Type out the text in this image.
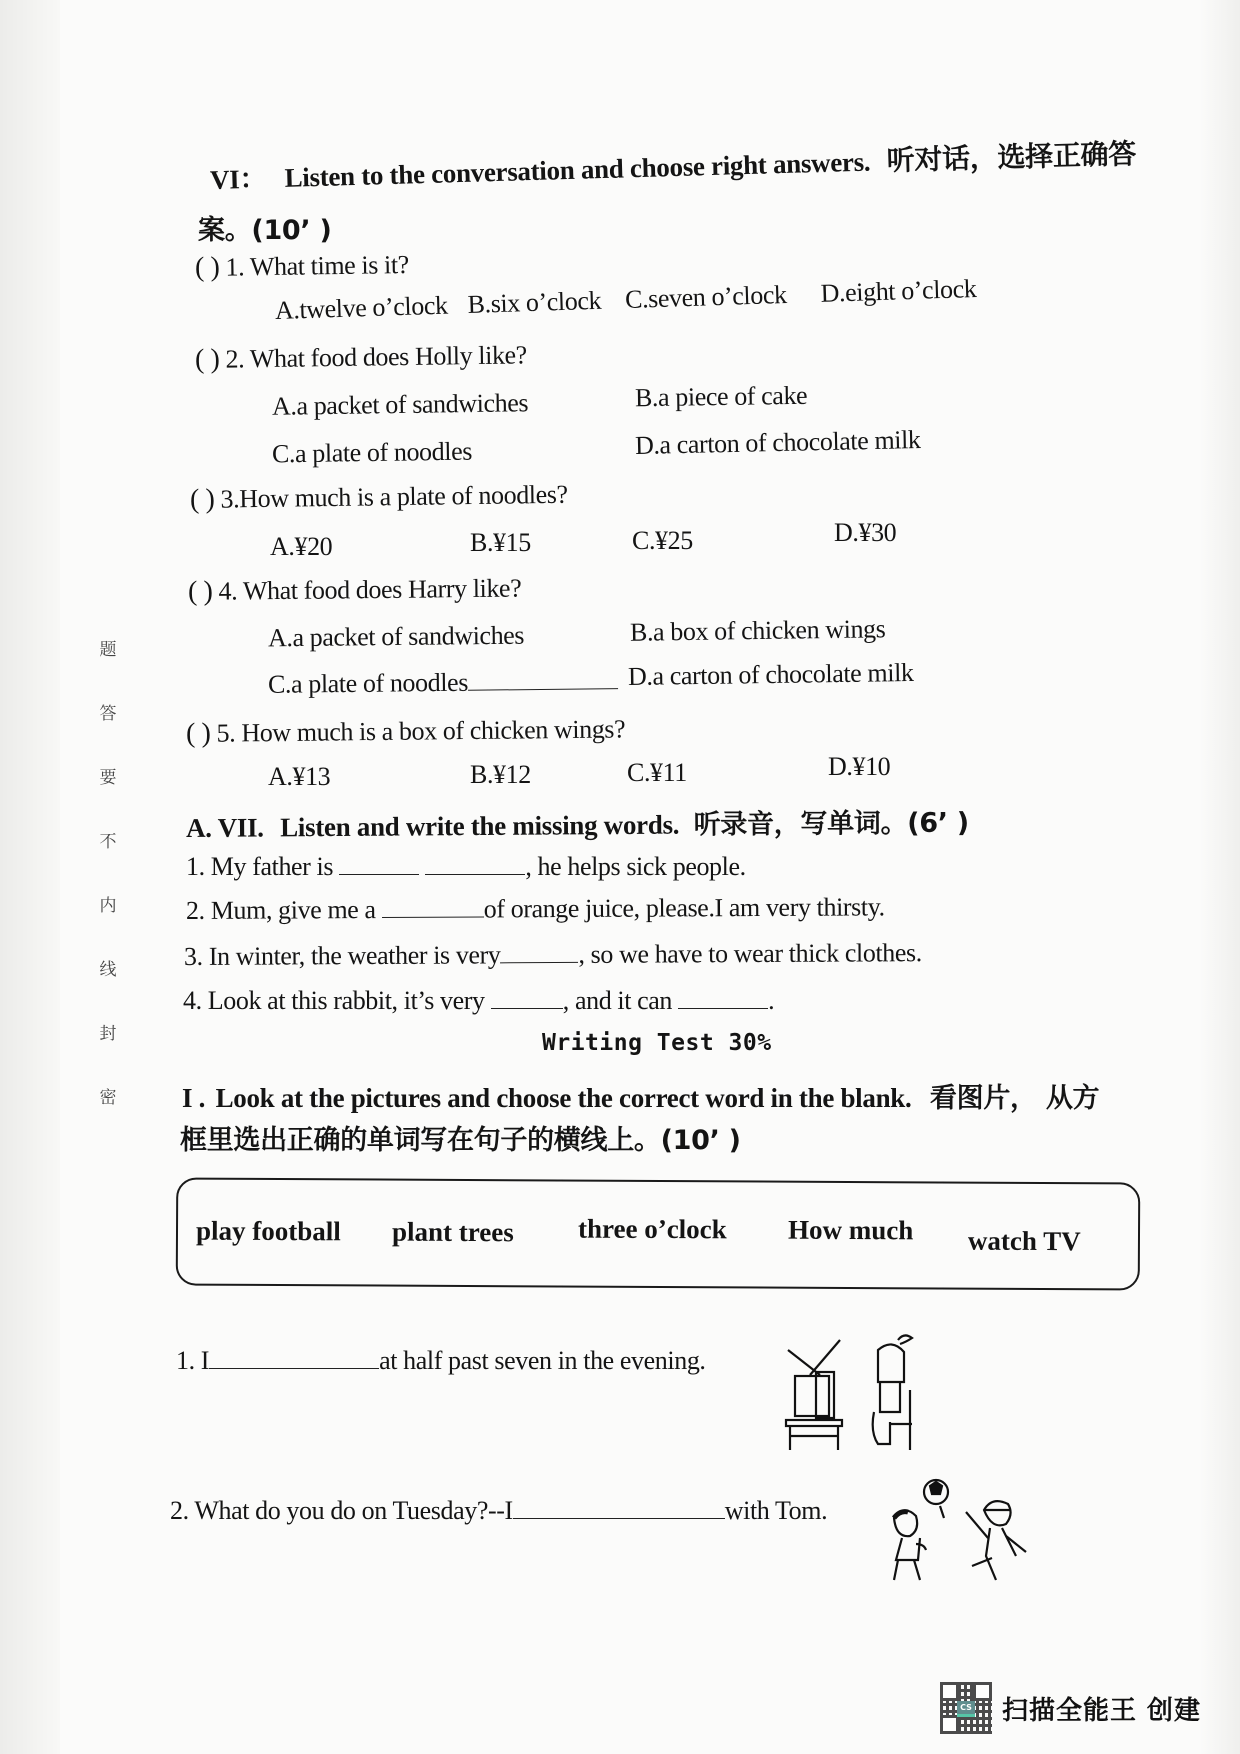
题
答
要
不
内
线
封
密
VI： Listen to the conversation and choose right answers. 听对话，选择正确答
案。(10’ )
( ) 1. What time is it?
A.twelve o’clock B.six o’clock C.seven o’clock D.eight o’clock
( ) 2. What food does Holly like?
A.a packet of sandwiches	B.a piece of cake
C.a plate of noodles	D.a carton of chocolate milk
( ) 3.How much is a plate of noodles?
A.¥20	B.¥15	C.¥25	D.¥30
( ) 4. What food does Harry like?
A.a packet of sandwiches	B.a box of chicken wings
C.a plate of noodles	D.a carton of chocolate milk
( ) 5. How much is a box of chicken wings?
A.¥13	B.¥12	C.¥11	D.¥10
A. VII. Listen and write the missing words. 听录音，写单词。(6’ )
1. My father is	, he helps sick people.
2. Mum, give me a	of orange juice, please.I am very thirsty.
3. In winter, the weather is very	, so we have to wear thick clothes.
4. Look at this rabbit, it’s very	, and it can	.
Writing Test 30%
I . Look at the pictures and choose the correct word in the blank. 看图片， 从方
框里选出正确的单词写在句子的横线上。(10’ )
play football plant trees three o’clock How much watch TV
1. I	at half past seven in the evening.
2. What do you do on Tuesday?--I	with Tom.
CS 扫描全能王 创建
